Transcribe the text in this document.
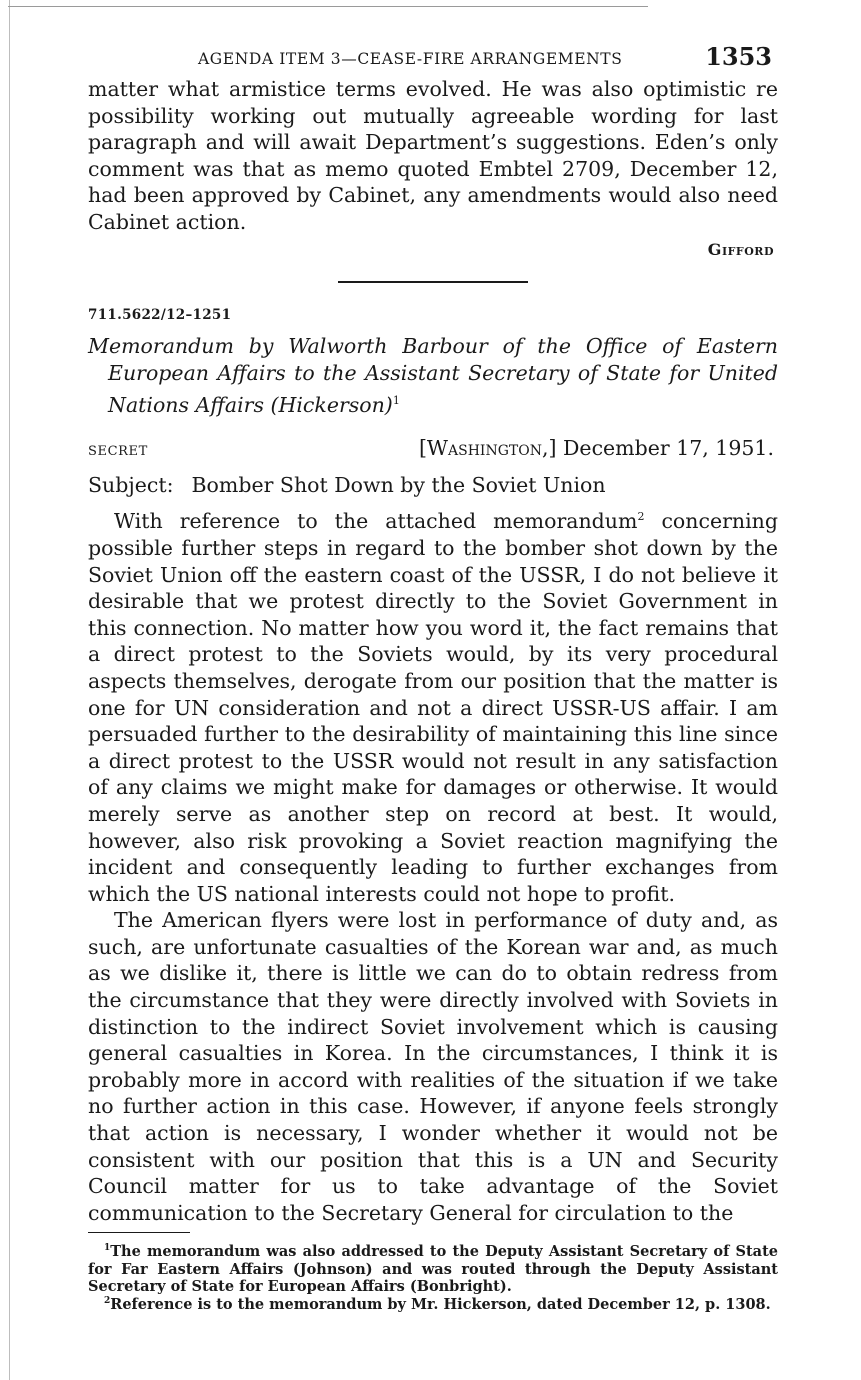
AGENDA ITEM 3—CEASE-FIRE ARRANGEMENTS	1353

matter what armistice terms evolved. He was also optimistic re possibility working out mutually agreeable wording for last paragraph and will await Department’s suggestions. Eden’s only comment was that as memo quoted Embtel 2709, December 12, had been approved by Cabinet, any amendments would also need Cabinet action.

Gifford
711.5622/12–1251
Memorandum by Walworth Barbour of the Office of Eastern European Affairs to the Assistant Secretary of State for United Nations Affairs (Hickerson)$^1$
SECRET	[Washington,] December 17, 1951.
Subject: Bomber Shot Down by the Soviet Union

With reference to the attached memorandum$^2$ concerning possible further steps in regard to the bomber shot down by the Soviet Union off the eastern coast of the USSR, I do not believe it desirable that we protest directly to the Soviet Government in this connection. No matter how you word it, the fact remains that a direct protest to the Soviets would, by its very procedural aspects themselves, derogate from our position that the matter is one for UN consideration and not a direct USSR-US affair. I am persuaded further to the desirability of maintaining this line since a direct protest to the USSR would not result in any satisfaction of any claims we might make for damages or otherwise. It would merely serve as another step on record at best. It would, however, also risk provoking a Soviet reaction magnifying the incident and consequently leading to further exchanges from which the US national interests could not hope to profit.

The American flyers were lost in performance of duty and, as such, are unfortunate casualties of the Korean war and, as much as we dislike it, there is little we can do to obtain redress from the circumstance that they were directly involved with Soviets in distinction to the indirect Soviet involvement which is causing general casualties in Korea. In the circumstances, I think it is probably more in accord with realities of the situation if we take no further action in this case. However, if anyone feels strongly that action is necessary, I wonder whether it would not be consistent with our position that this is a UN and Security Council matter for us to take advantage of the Soviet communication to the Secretary General for circulation to the

$^1$The memorandum was also addressed to the Deputy Assistant Secretary of State for Far Eastern Affairs (Johnson) and was routed through the Deputy Assistant Secretary of State for European Affairs (Bonbright).

$^2$Reference is to the memorandum by Mr. Hickerson, dated December 12, p. 1308.
